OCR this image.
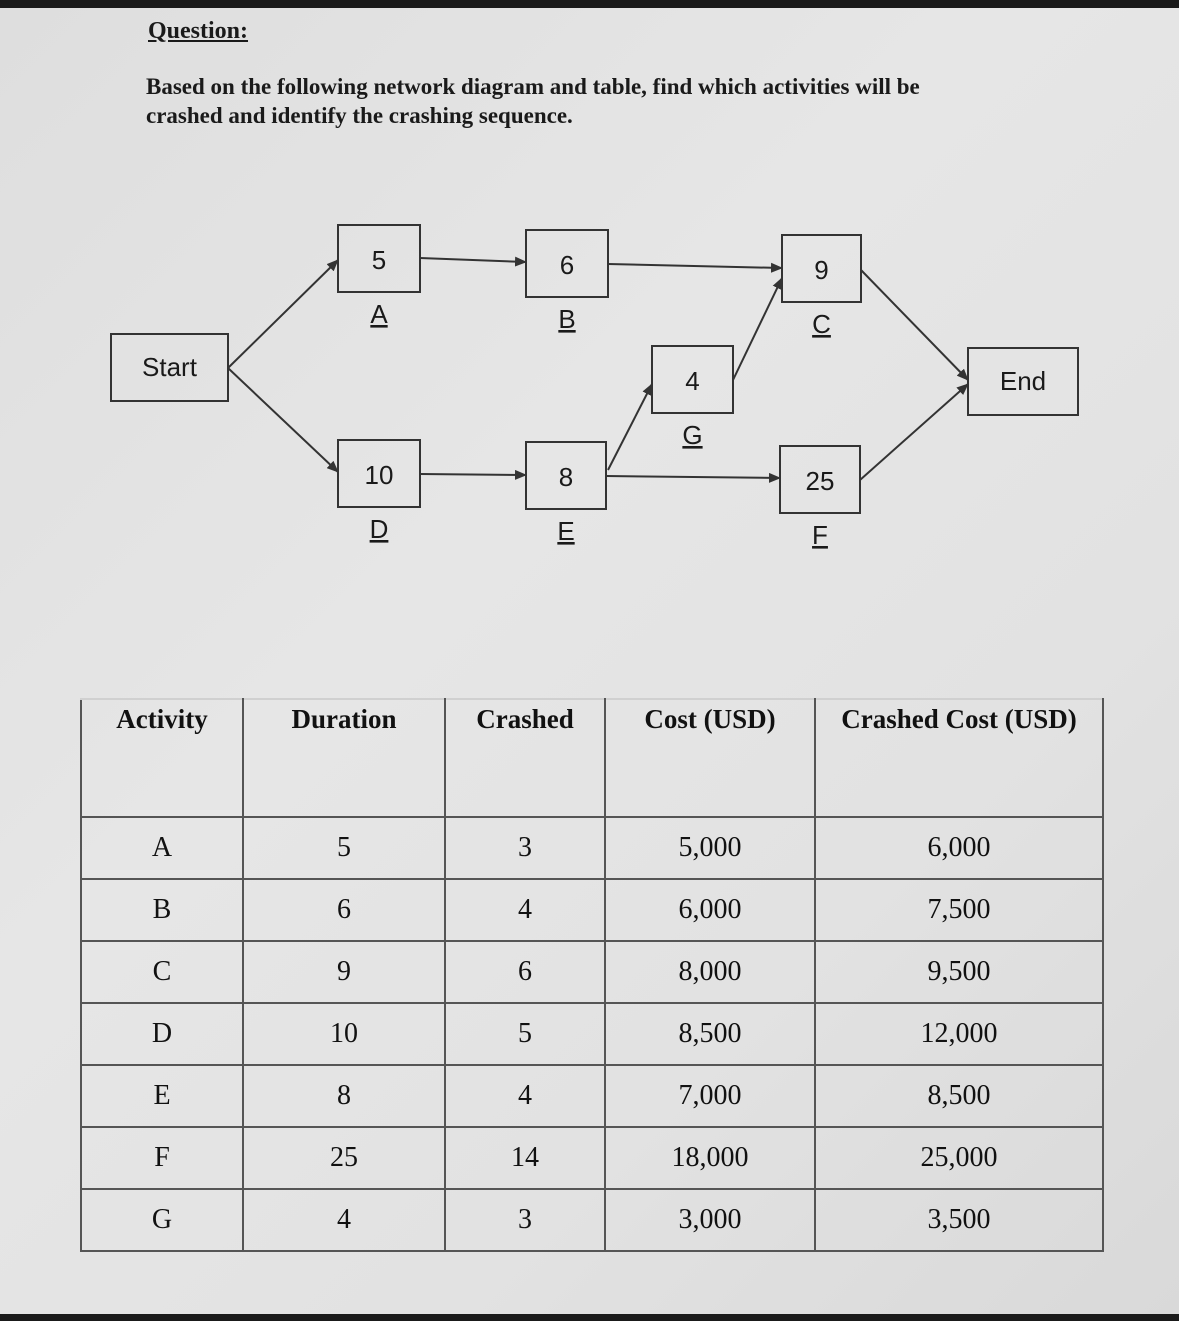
Question:
Based on the following network diagram and table, find which activities will be crashed and identify the crashing sequence.
Start	End
5
A
6
B
9
C
10
D
8
E
25
F
4
G
Activity	Duration	Crashed	Cost (USD)	Crashed Cost (USD)
A	5	3	5,000	6,000
B	6	4	6,000	7,500
C	9	6	8,000	9,500
D	10	5	8,500	12,000
E	8	4	7,000	8,500
F	25	14	18,000	25,000
G	4	3	3,000	3,500
